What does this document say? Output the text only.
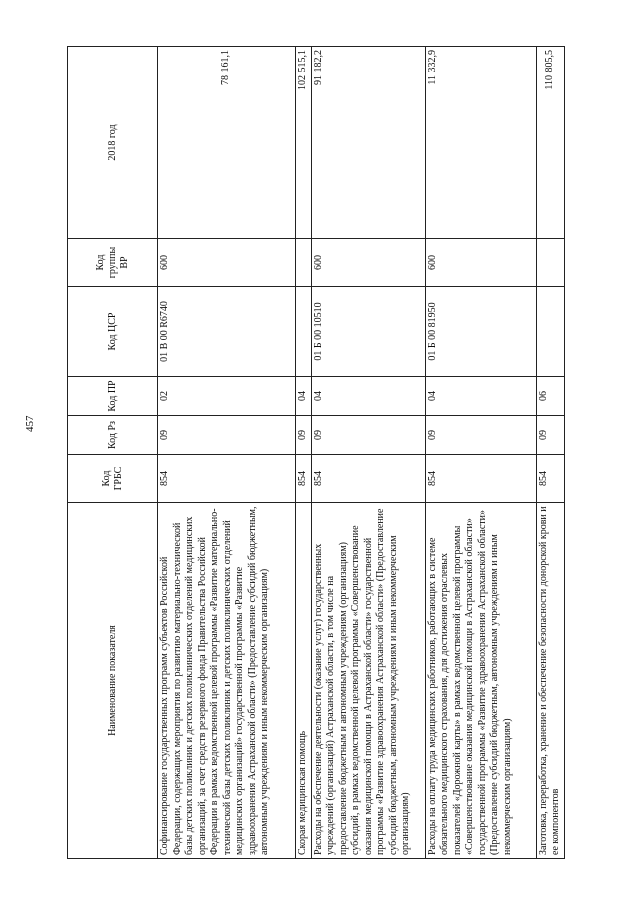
457
Наименование показателя	Код ГРБС	Код Рз	Код ПР	Код ЦСР	Код группы ВР	2018 год
Софинансирование государственных программ субъектов Российской Федерации, содержащих мероприятия по развитию материально-технической базы детских поликлиник и детских поликлинических отделений медицинских организаций, за счет средств резервного фонда Правительства Российской Федерации в рамках ведомственной целевой программы «Развитие материально-технической базы детских поликлиник и детских поликлинических отделений медицинских организаций» государственной программы «Развитие здравоохранения Астраханской области» (Предоставление субсидий бюджетным, автономным учреждениям и иным некоммерческим организациям)	854	09	02	01 В 00 R6740	600	78 161,1
Скорая медицинская помощь	854	09	04			102 515,1
Расходы на обеспечение деятельности (оказание услуг) государственных учреждений (организаций) Астраханской области, в том числе на предоставление бюджетным и автономным учреждениям (организациям) субсидий, в рамках ведомственной целевой программы «Совершенствование оказания медицинской помощи в Астраханской области» государственной программы «Развитие здравоохранения Астраханской области» (Предоставление субсидий бюджетным, автономным учреждениям и иным некоммерческим организациям)	854	09	04	01 Б 00 10510	600	91 182,2
Расходы на оплату труда медицинских работников, работающих в системе обязательного медицинского страхования, для достижения отраслевых показателей «Дорожной карты» в рамках ведомственной целевой программы «Совершенствование оказания медицинской помощи в Астраханской области» государственной программы «Развитие здравоохранения Астраханской области» (Предоставление субсидий бюджетным, автономным учреждениям и иным некоммерческим организациям)	854	09	04	01 Б 00 81950	600	11 332,9
Заготовка, переработка, хранение и обеспечение безопасности донорской крови и ее компонентов	854	09	06			110 805,5
